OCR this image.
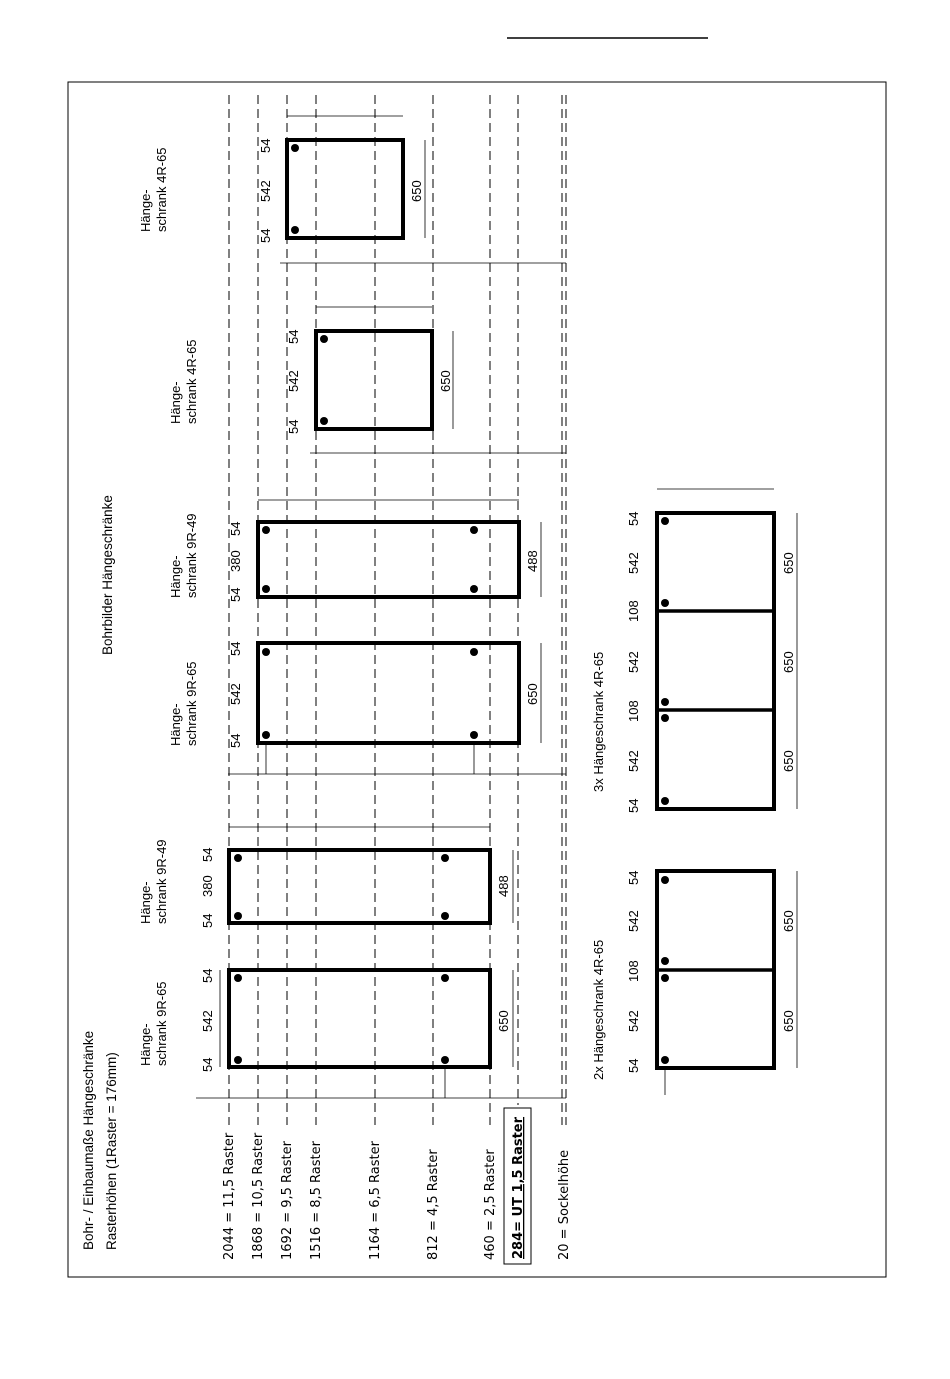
Bohr- / Einbaumaße Hängeschränke Rasterhöhen (1Raster = 176mm)
Bohrbilder Hängeschränke
2044 = 11,5 Raster 1868 = 10,5 Raster 1692 = 9,5 Raster 1516 = 8,5 Raster	1164 = 6,5 Raster	812 = 4,5 Raster	460 = 2,5 Raster 284= UT 1,5 Raster 20 = Sockelhöhe
Hänge- schrank 9R-65
54
542
54
650
Hänge- schrank 9R-49 54
380
54
488
Hänge- schrank 9R-65
54
542
54
650
Hänge- schrank 9R-49 54
380
54
488
Hänge- schrank 4R-65
54
542
54
650
Hänge- schrank 4R-65
54
542
54
650
2x Hängeschrank 4R-65
54
542
108
542
54
650
650
3x Hängeschrank 4R-65
54
542
108
542
108
542
54
650
650
650
